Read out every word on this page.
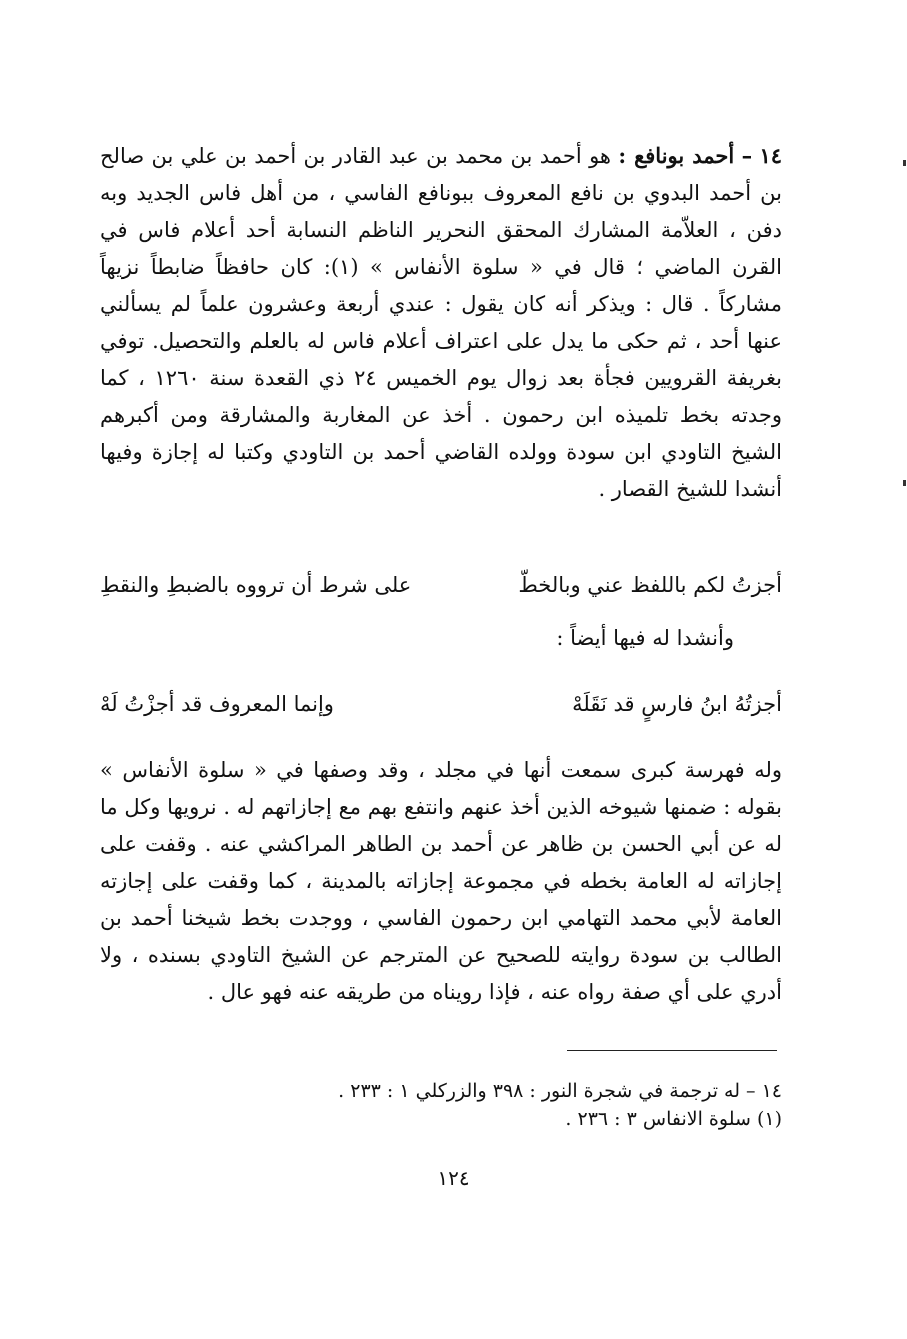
١٤ – أحمد بونافع : هو أحمد بن محمد بن عبد القادر بن أحمد بن علي بن صالح بن أحمد البدوي بن نافع المعروف ببونافع الفاسي ، من أهل فاس الجديد وبه دفن ، العلاّمة المشارك المحقق النحرير الناظم النسابة أحد أعلام فاس في القرن الماضي ؛ قال في « سلوة الأنفاس » (١): كان حافظاً ضابطاً نزيهاً مشاركاً . قال : ويذكر أنه كان يقول : عندي أربعة وعشرون علماً لم يسألني عنها أحد ، ثم حكى ما يدل على اعتراف أعلام فاس له بالعلم والتحصيل. توفي بغريفة القرويين فجأة بعد زوال يوم الخميس ٢٤ ذي القعدة سنة ١٢٦٠ ، كما وجدته بخط تلميذه ابن رحمون . أخذ عن المغاربة والمشارقة ومن أكبرهم الشيخ التاودي ابن سودة وولده القاضي أحمد بن التاودي وكتبا له إجازة وفيها أنشدا للشيخ القصار .
أجزتُ لكم باللفظ عني وبالخطّ
على شرط أن ترووه بالضبطِ والنقطِ
وأنشدا له فيها أيضاً :
أجزتُهُ ابنُ فارسٍ قد نَقَلَهْ
وإنما المعروف قد أجزْتُ لَهْ
وله فهرسة كبرى سمعت أنها في مجلد ، وقد وصفها في « سلوة الأنفاس » بقوله : ضمنها شيوخه الذين أخذ عنهم وانتفع بهم مع إجازاتهم له . نرويها وكل ما له عن أبي الحسن بن ظاهر عن أحمد بن الطاهر المراكشي عنه . وقفت على إجازاته له العامة بخطه في مجموعة إجازاته بالمدينة ، كما وقفت على إجازته العامة لأبي محمد التهامي ابن رحمون الفاسي ، ووجدت بخط شيخنا أحمد بن الطالب بن سودة روايته للصحيح عن المترجم عن الشيخ التاودي بسنده ، ولا أدري على أي صفة رواه عنه ، فإذا رويناه من طريقه عنه فهو عال .
١٤ – له ترجمة في شجرة النور : ٣٩٨ والزركلي ١ : ٢٣٣ .
(١) سلوة الانفاس ٣ : ٢٣٦ .
١٢٤
